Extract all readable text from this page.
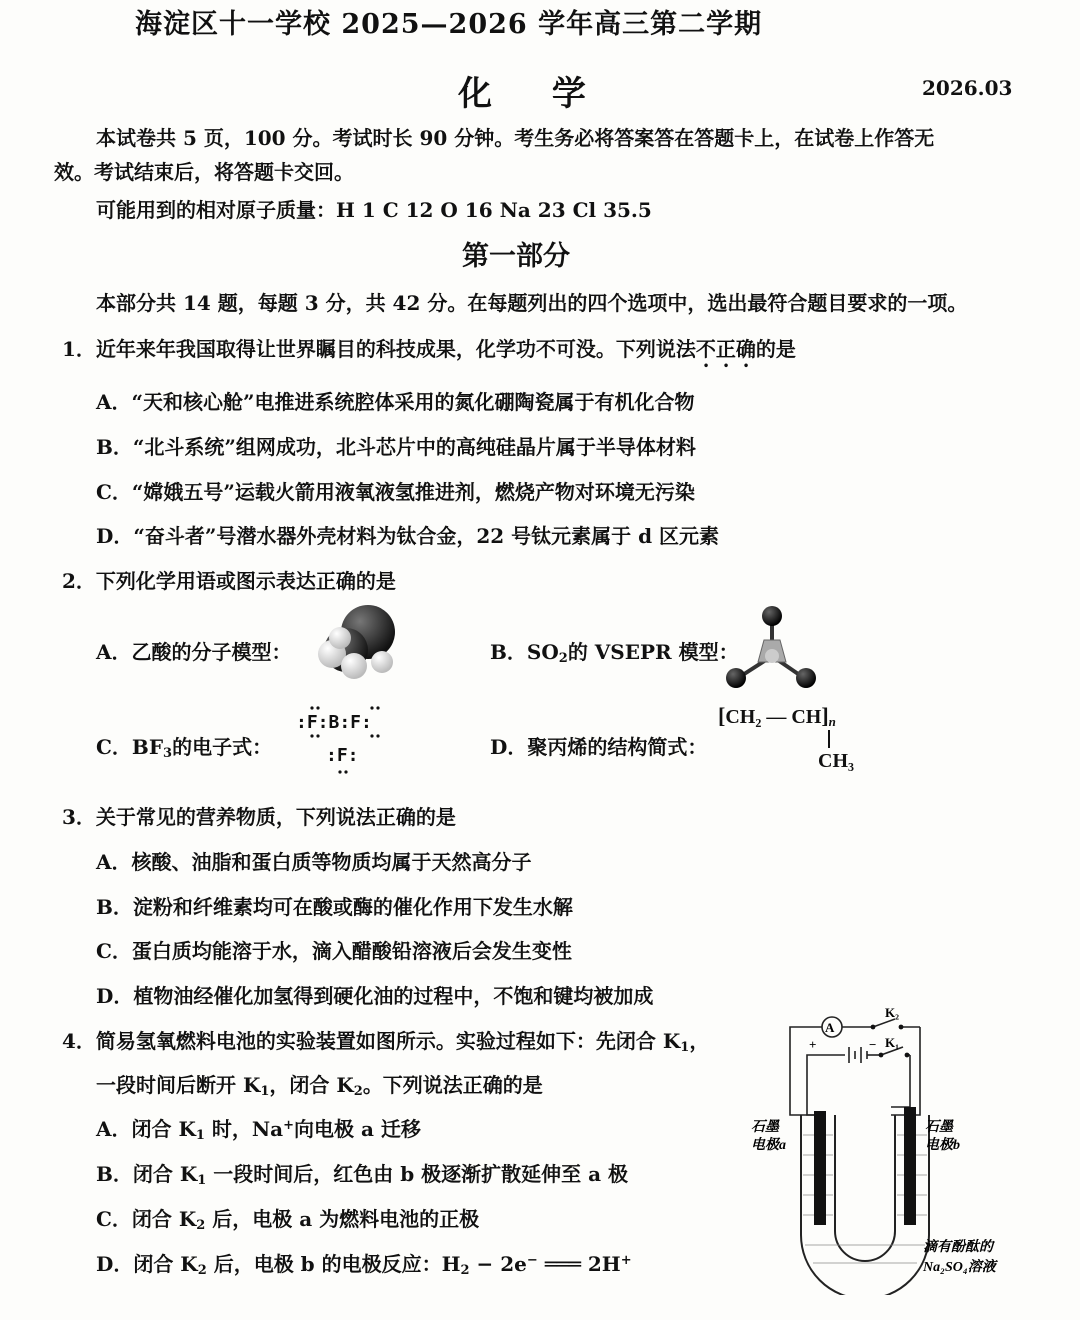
海淀区十一学校 2025—2026 学年高三第二学期
化 学	2026.03
本试卷共 5 页，100 分。考试时长 90 分钟。考生务必将答案答在答题卡上，在试卷上作答无
效。考试结束后，将答题卡交回。
可能用到的相对原子质量：H 1 C 12 O 16 Na 23 Cl 35.5
第一部分
本部分共 14 题，每题 3 分，共 42 分。在每题列出的四个选项中，选出最符合题目要求的一项。
1．近年来年我国取得让世界瞩目的科技成果，化学功不可没。下列说法不正确的是
A．“天和核心舱”电推进系统腔体采用的氮化硼陶瓷属于有机化合物
B．“北斗系统”组网成功，北斗芯片中的高纯硅晶片属于半导体材料
C．“嫦娥五号”运载火箭用液氧液氢推进剂，燃烧产物对环境无污染
D．“奋斗者”号潜水器外壳材料为钛合金，22 号钛元素属于 d 区元素
2．下列化学用语或图示表达正确的是
A．乙酸的分子模型：	B．$SO_2$的 VSEPR 模型：
C．$BF_3$的电子式：
:F:B:F:
:F:	D．聚丙烯的结构简式：
[CH₂ — $CH]_n$
CH₃
3．关于常见的营养物质，下列说法正确的是
A．核酸、油脂和蛋白质等物质均属于天然高分子
B．淀粉和纤维素均可在酸或酶的催化作用下发生水解
C．蛋白质均能溶于水，滴入醋酸铅溶液后会发生变性
D．植物油经催化加氢得到硬化油的过程中，不饱和键均被加成
4．简易氢氧燃料电池的实验装置如图所示。实验过程如下：先闭合 $K_1$，
一段时间后断开 $K_1$，闭合 $K_2$。下列说法正确的是
A．闭合 $K_1$ 时，Na+向电极 a 迁移
B．闭合 $K_1$ 一段时间后，红色由 b 极逐渐扩散延伸至 a 极
C．闭合 $K_2$ 后，电极 a 为燃料电池的正极
D．闭合 $K_2$ 后，电极 b 的电极反应：$H_2 - 2e^-$ ═══ 2H+
A
K₂
K₁
+	−
石墨
电极a
石墨
电极b
滴有酚酞的
Na₂SO₄溶液
